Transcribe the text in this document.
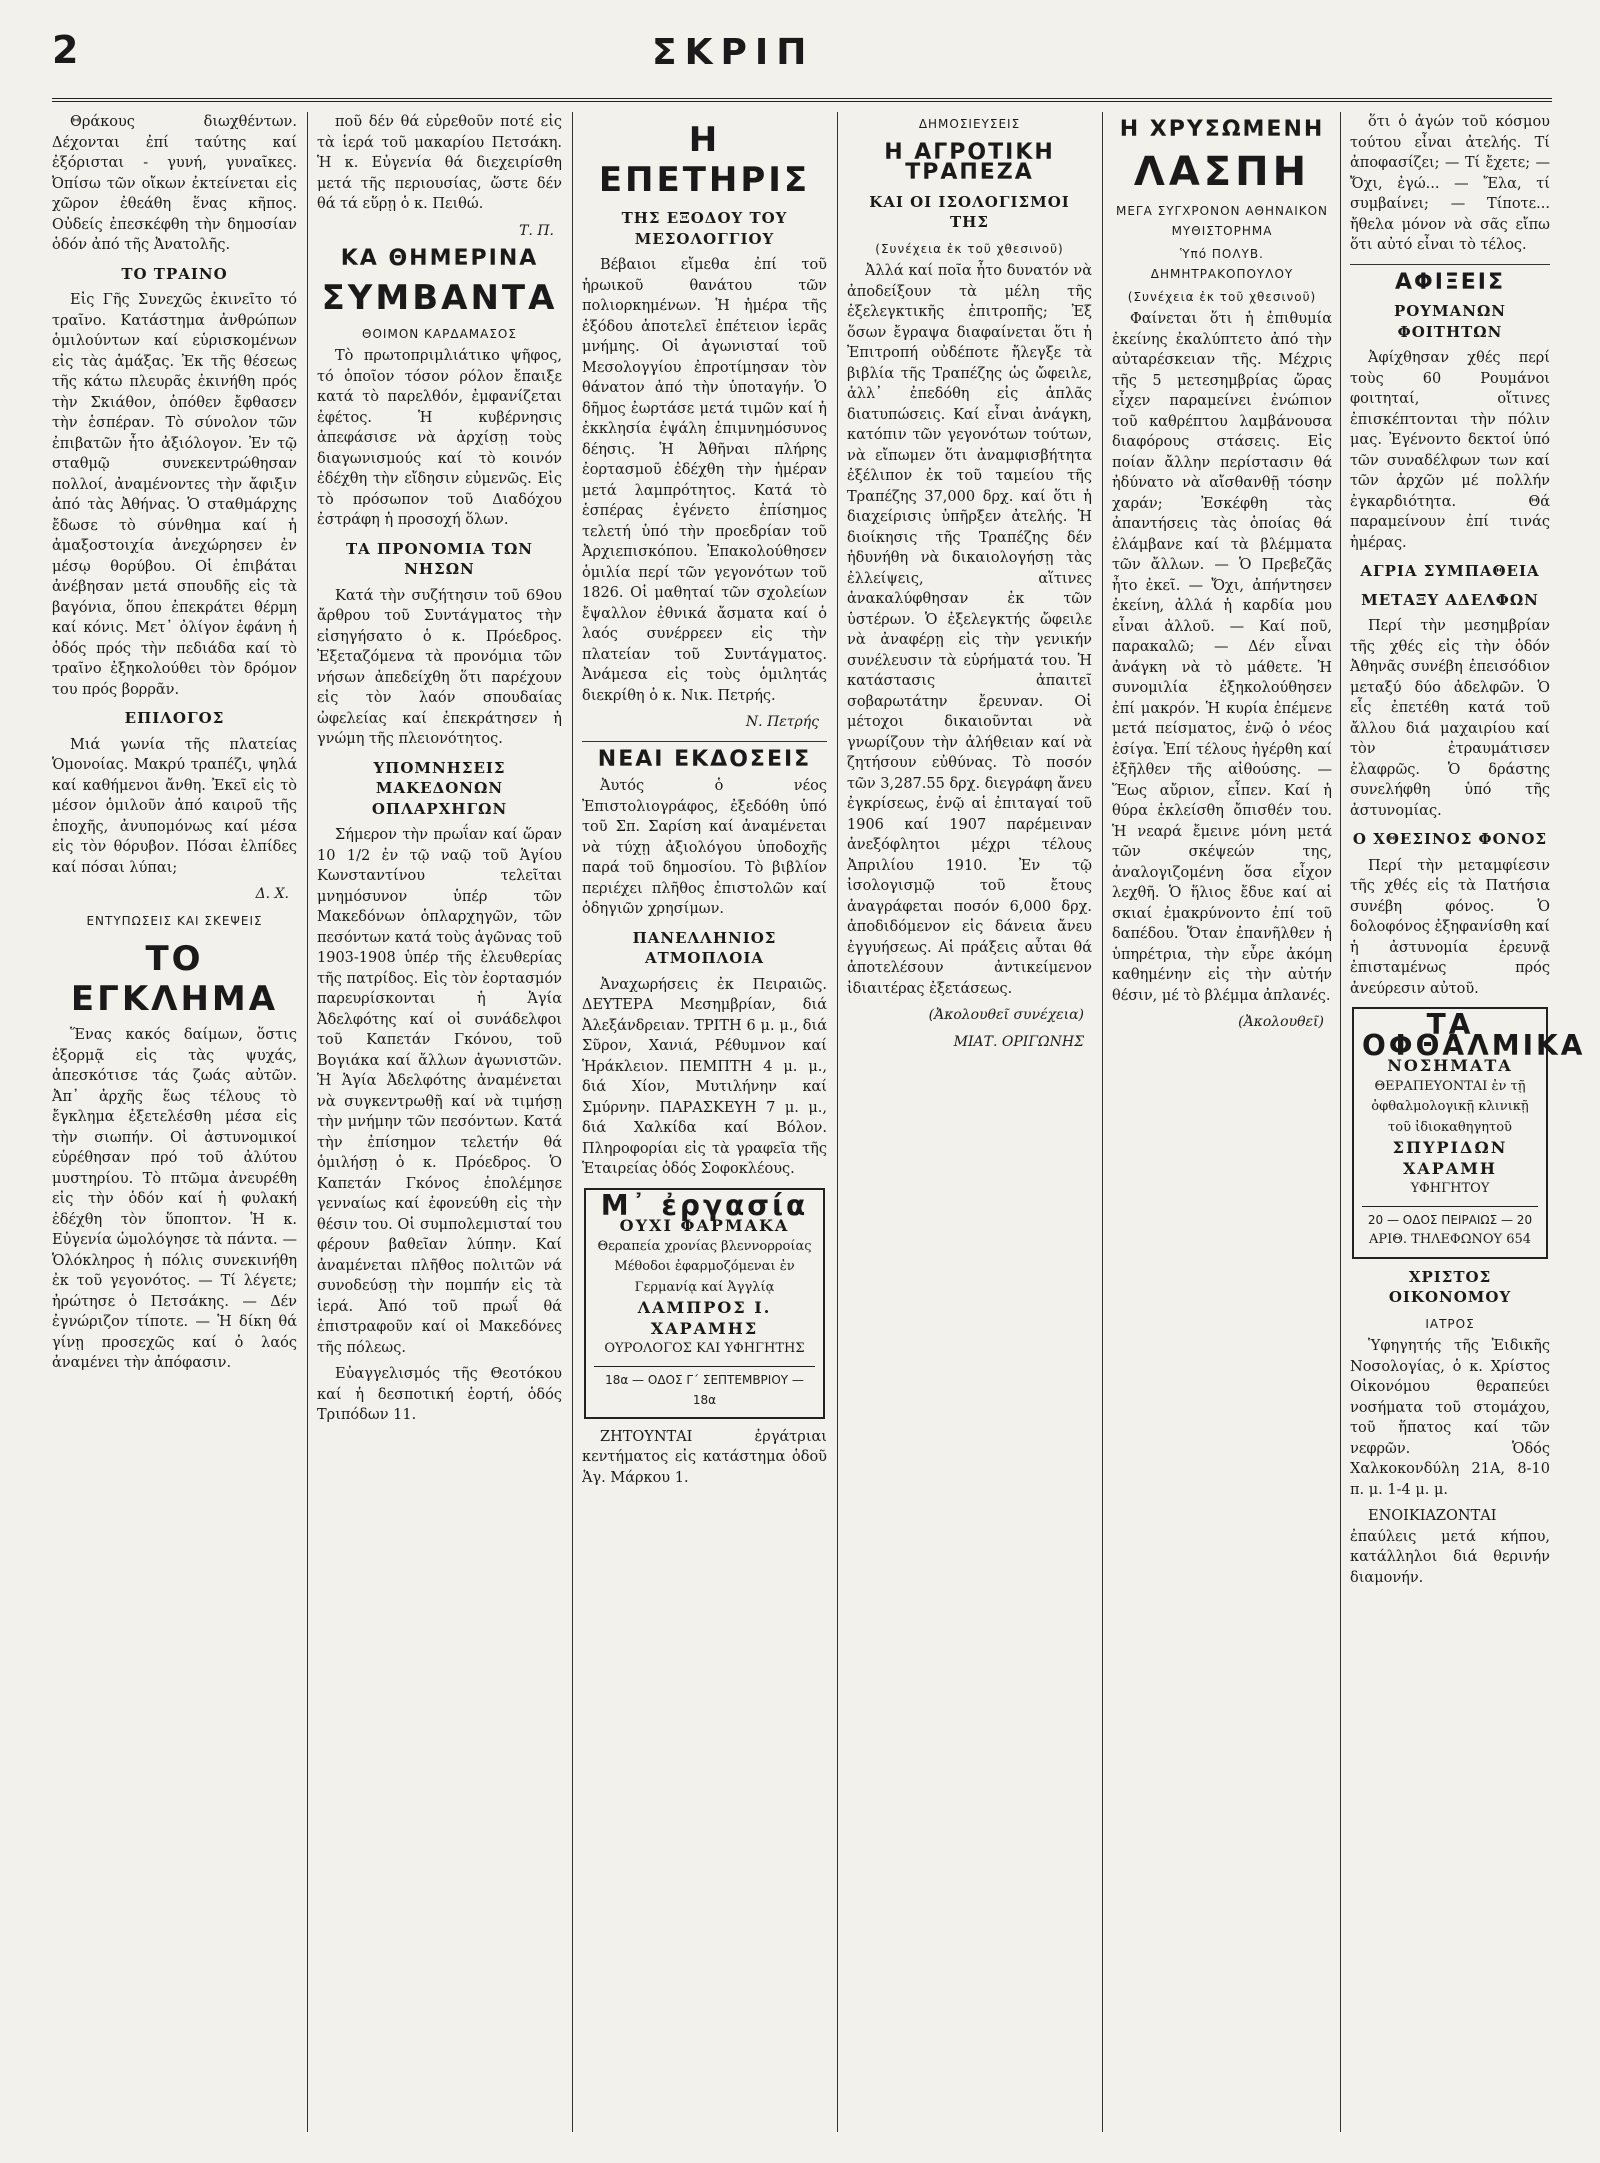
2	ΣΚΡΙΠ

Θράκους διωχθέντων. Δέχονται ἐπί ταύτης καί ἐξόρισται - γυνή, γυναῖκες. Ὀπίσω τῶν οἴκων ἐκτείνεται εἰς χῶρον ἐθεάθη ἕνας κῆπος. Οὐδείς ἐπεσκέφθη τὴν δημοσίαν ὁδόν ἀπό τῆς Ἀνατολῆς.

ΤΟ ΤΡΑΙΝΟ

Εἰς Γῆς Συνεχῶς ἐκινεῖτο τό τραῖνο. Κατάστημα ἀνθρώπων ὁμιλούντων καί εὑρισκομένων εἰς τὰς ἁμάξας. Ἐκ τῆς θέσεως τῆς κάτω πλευρᾶς ἐκινήθη πρός τὴν Σκιάθον, ὁπόθεν ἔφθασεν τὴν ἑσπέραν. Τὸ σύνολον τῶν ἐπιβατῶν ἦτο ἀξιόλογον. Ἐν τῷ σταθμῷ συνεκεντρώθησαν πολλοί, ἀναμένοντες τὴν ἄφιξιν ἀπό τὰς Ἀθήνας. Ὁ σταθμάρχης ἔδωσε τὸ σύνθημα καί ἡ ἁμαξοστοιχία ἀνεχώρησεν ἐν μέσῳ θορύβου. Οἱ ἐπιβάται ἀνέβησαν μετά σπουδῆς εἰς τὰ βαγόνια, ὅπου ἐπεκράτει θέρμη καί κόνις. Μετ᾽ ὀλίγον ἐφάνη ἡ ὁδός πρός τὴν πεδιάδα καί τὸ τραῖνο ἐξηκολούθει τὸν δρόμον του πρός βορρᾶν.

ΕΠΙΛΟΓΟΣ

Μιά γωνία τῆς πλατείας Ὁμονοίας. Μακρύ τραπέζι, ψηλά καί καθήμενοι ἄνθη. Ἐκεῖ εἰς τὸ μέσον ὁμιλοῦν ἀπό καιροῦ τῆς ἐποχῆς, ἀνυπομόνως καί μέσα εἰς τὸν θόρυβον. Πόσαι ἐλπίδες καί πόσαι λύπαι;

Δ. Χ.
ΕΝΤΥΠΩΣΕΙΣ ΚΑΙ ΣΚΕΨΕΙΣ
ΤΟ ΕΓΚΛΗΜΑ

Ἕνας κακός δαίμων, ὅστις ἐξορμᾷ εἰς τὰς ψυχάς, ἀπεσκότισε τάς ζωάς αὐτῶν. Ἀπ᾽ ἀρχῆς ἕως τέλους τὸ ἔγκλημα ἐξετελέσθη μέσα εἰς τὴν σιωπήν. Οἱ ἀστυνομικοί εὑρέθησαν πρό τοῦ ἀλύτου μυστηρίου. Τὸ πτῶμα ἀνευρέθη εἰς τὴν ὁδόν καί ἡ φυλακή ἐδέχθη τὸν ὕποπτον. Ἡ κ. Εὐγενία ὡμολόγησε τὰ πάντα. — Ὁλόκληρος ἡ πόλις συνεκινήθη ἐκ τοῦ γεγονότος. — Τί λέγετε; ἠρώτησε ὁ Πετσάκης. — Δέν ἐγνώριζον τίποτε. — Ἡ δίκη θά γίνῃ προσεχῶς καί ὁ λαός ἀναμένει τὴν ἀπόφασιν.

ποῦ δέν θά εὑρεθοῦν ποτέ εἰς τὰ ἱερά τοῦ μακαρίου Πετσάκη. Ἡ κ. Εὐγενία θά διεχειρίσθη μετά τῆς περιουσίας, ὥστε δέν θά τά εὕρῃ ὁ κ. Πειθώ.

Τ. Π.
ΚΑ ΘΗΜΕΡΙΝΑ
ΣΥΜΒΑΝΤΑ
ΘΟΙΜΟΝ ΚΑΡΔΑΜΑΣΟΣ

Τὸ πρωτοπριμλιάτικο ψῆφος, τό ὁποῖον τόσον ρόλον ἔπαιξε κατά τὸ παρελθόν, ἐμφανίζεται ἐφέτος. Ἡ κυβέρνησις ἀπεφάσισε νὰ ἀρχίσῃ τοὺς διαγωνισμούς καί τὸ κοινόν ἐδέχθη τὴν εἴδησιν εὐμενῶς. Εἰς τὸ πρόσωπον τοῦ Διαδόχου ἐστράφη ἡ προσοχή ὅλων.

ΤΑ ΠΡΟΝΟΜΙΑ ΤΩΝ ΝΗΣΩΝ

Κατά τὴν συζήτησιν τοῦ 69ου ἄρθρου τοῦ Συντάγματος τὴν εἰσηγήσατο ὁ κ. Πρόεδρος. Ἐξεταζόμενα τὰ προνόμια τῶν νήσων ἀπεδείχθη ὅτι παρέχουν εἰς τὸν λαόν σπουδαίας ὠφελείας καί ἐπεκράτησεν ἡ γνώμη τῆς πλειονότητος.

ΥΠΟΜΝΗΣΕΙΣ ΜΑΚΕΔΟΝΩΝ ΟΠΛΑΡΧΗΓΩΝ

Σήμερον τὴν πρωΐαν καί ὥραν 10 1/2 ἐν τῷ ναῷ τοῦ Ἁγίου Κωνσταντίνου τελεῖται μνημόσυνον ὑπέρ τῶν Μακεδόνων ὁπλαρχηγῶν, τῶν πεσόντων κατά τοὺς ἀγῶνας τοῦ 1903-1908 ὑπέρ τῆς ἐλευθερίας τῆς πατρίδος. Εἰς τὸν ἐορτασμόν παρευρίσκονται ἡ Ἁγία Ἀδελφότης καί οἱ συνάδελφοι τοῦ Καπετάν Γκόνου, τοῦ Βογιάκα καί ἄλλων ἀγωνιστῶν. Ἡ Ἁγία Ἀδελφότης ἀναμένεται νὰ συγκεντρωθῇ καί νὰ τιμήσῃ τὴν μνήμην τῶν πεσόντων. Κατά τὴν ἐπίσημον τελετήν θά ὁμιλήσῃ ὁ κ. Πρόεδρος. Ὁ Καπετάν Γκόνος ἐπολέμησε γενναίως καί ἐφονεύθη εἰς τὴν θέσιν του. Οἱ συμπολεμισταί του φέρουν βαθεῖαν λύπην. Καί ἀναμένεται πλῆθος πολιτῶν νά συνοδεύσῃ τὴν πομπήν εἰς τὰ ἱερά. Ἀπό τοῦ πρωΐ θά ἐπιστραφοῦν καί οἱ Μακεδόνες τῆς πόλεως.

Εὐαγγελισμός τῆς Θεοτόκου καί ἡ δεσποτική ἑορτή, ὁδός Τριπόδων 11.

Η ΕΠΕΤΗΡΙΣ
ΤΗΣ ΕΞΟΔΟΥ ΤΟΥ ΜΕΣΟΛΟΓΓΙΟΥ

Βέβαιοι εἴμεθα ἐπί τοῦ ἡρωικοῦ θανάτου τῶν πολιορκημένων. Ἡ ἡμέρα τῆς ἐξόδου ἀποτελεῖ ἐπέτειον ἱερᾶς μνήμης. Οἱ ἀγωνισταί τοῦ Μεσολογγίου ἐπροτίμησαν τὸν θάνατον ἀπό τὴν ὑποταγήν. Ὁ δῆμος ἐωρτάσε μετά τιμῶν καί ἡ ἐκκλησία ἐψάλη ἐπιμνημόσυνος δέησις. Ἡ Ἀθῆναι πλήρης ἐορτασμοῦ ἐδέχθη τὴν ἡμέραν μετά λαμπρότητος. Κατά τὸ ἑσπέρας ἐγένετο ἐπίσημος τελετή ὑπό τὴν προεδρίαν τοῦ Ἀρχιεπισκόπου. Ἐπακολούθησεν ὁμιλία περί τῶν γεγονότων τοῦ 1826. Οἱ μαθηταί τῶν σχολείων ἔψαλλον ἐθνικά ἄσματα καί ὁ λαός συνέρρεεν εἰς τὴν πλατείαν τοῦ Συντάγματος. Ἀνάμεσα εἰς τοὺς ὁμιλητάς διεκρίθη ὁ κ. Νικ. Πετρής.

Ν. Πετρής
ΝΕΑΙ ΕΚΔΟΣΕΙΣ

Ἀυτός ὁ νέος Ἐπιστολιογράφος, ἐξεδόθη ὑπό τοῦ Σπ. Σαρίση καί ἀναμένεται νὰ τύχῃ ἀξιολόγου ὑποδοχῆς παρά τοῦ δημοσίου. Τὸ βιβλίον περιέχει πλῆθος ἐπιστολῶν καί ὁδηγιῶν χρησίμων.

ΠΑΝΕΛΛΗΝΙΟΣ ΑΤΜΟΠΛΟΙΑ

Ἀναχωρήσεις ἐκ Πειραιῶς. ΔΕΥΤΕΡΑ Μεσημβρίαν, διά Ἀλεξάνδρειαν. ΤΡΙΤΗ 6 μ. μ., διά Σῦρον, Χανιά, Ρέθυμνον καί Ἡράκλειον. ΠΕΜΠΤΗ 4 μ. μ., διά Χίον, Μυτιλήνην καί Σμύρνην. ΠΑΡΑΣΚΕΥΗ 7 μ. μ., διά Χαλκίδα καί Βόλον. Πληροφορίαι εἰς τὰ γραφεῖα τῆς Ἑταιρείας ὁδός Σοφοκλέους.

Μ᾽ ἐργασία
ΟΥΧΙ ΦΑΡΜΑΚΑ
Θεραπεία χρονίας βλεννορροίας
Μέθοδοι ἐφαρμοζόμεναι ἐν Γερμανίᾳ καί Ἀγγλίᾳ
ΛΑΜΠΡΟΣ Ι. ΧΑΡΑΜΗΣ
ΟΥΡΟΛΟΓΟΣ ΚΑΙ ΥΦΗΓΗΤΗΣ
18α — ΟΔΟΣ Γ΄ ΣΕΠΤΕΜΒΡΙΟΥ — 18α

ΖΗΤΟΥΝΤΑΙ ἐργάτριαι κεντήματος εἰς κατάστημα ὁδοῦ Ἁγ. Μάρκου 1.

ΔΗΜΟΣΙΕΥΣΕΙΣ
Η ΑΓΡΟΤΙΚΗ ΤΡΑΠΕΖΑ
ΚΑΙ ΟΙ ΙΣΟΛΟΓΙΣΜΟΙ ΤΗΣ
(Συνέχεια ἐκ τοῦ χθεσινοῦ)

Ἀλλά καί ποῖα ἦτο δυνατόν νὰ ἀποδείξουν τὰ μέλη τῆς ἐξελεγκτικῆς ἐπιτροπῆς; Ἐξ ὅσων ἔγραψα διαφαίνεται ὅτι ἡ Ἐπιτροπή οὐδέποτε ἤλεγξε τὰ βιβλία τῆς Τραπέζης ὡς ὤφειλε, ἀλλ᾽ ἐπεδόθη εἰς ἁπλᾶς διατυπώσεις. Καί εἶναι ἀνάγκη, κατόπιν τῶν γεγονότων τούτων, νὰ εἴπωμεν ὅτι ἀναμφισβήτητα ἐξέλιπον ἐκ τοῦ ταμείου τῆς Τραπέζης 37,000 δρχ. καί ὅτι ἡ διαχείρισις ὑπῆρξεν ἀτελής. Ἡ διοίκησις τῆς Τραπέζης δέν ἠδυνήθη νὰ δικαιολογήσῃ τὰς ἐλλείψεις, αἵτινες ἀνακαλύφθησαν ἐκ τῶν ὑστέρων. Ὁ ἐξελεγκτής ὤφειλε νὰ ἀναφέρῃ εἰς τὴν γενικήν συνέλευσιν τὰ εὑρήματά του. Ἡ κατάστασις ἀπαιτεῖ σοβαρωτάτην ἔρευναν. Οἱ μέτοχοι δικαιοῦνται νὰ γνωρίζουν τὴν ἀλήθειαν καί νὰ ζητήσουν εὐθύνας. Τὸ ποσόν τῶν 3,287.55 δρχ. διεγράφη ἄνευ ἐγκρίσεως, ἐνῷ αἱ ἐπιταγαί τοῦ 1906 καί 1907 παρέμειναν ἀνεξόφλητοι μέχρι τέλους Ἀπριλίου 1910. Ἐν τῷ ἰσολογισμῷ τοῦ ἔτους ἀναγράφεται ποσόν 6,000 δρχ. ἀποδιδόμενον εἰς δάνεια ἄνευ ἐγγυήσεως. Αἱ πράξεις αὗται θά ἀποτελέσουν ἀντικείμενον ἰδιαιτέρας ἐξετάσεως.

(Ἀκολουθεῖ συνέχεια)
ΜΙΑΤ. ΟΡΙΓΩΝΗΣ
Η ΧΡΥΣΩΜΕΝΗ
ΛΑΣΠΗ
ΜΕΓΑ ΣΥΓΧΡΟΝΟΝ ΑΘΗΝΑΙΚΟΝ ΜΥΘΙΣΤΟΡΗΜΑ
Ὑπό ΠΟΛΥΒ. ΔΗΜΗΤΡΑΚΟΠΟΥΛΟΥ
(Συνέχεια ἐκ τοῦ χθεσινοῦ)

Φαίνεται ὅτι ἡ ἐπιθυμία ἐκείνης ἐκαλύπτετο ἀπό τὴν αὐταρέσκειαν τῆς. Μέχρις τῆς 5 μετεσημβρίας ὥρας εἶχεν παραμείνει ἐνώπιον τοῦ καθρέπτου λαμβάνουσα διαφόρους στάσεις. Εἰς ποίαν ἄλλην περίστασιν θά ἠδύνατο νὰ αἴσθανθῇ τόσην χαράν; Ἐσκέφθη τὰς ἀπαντήσεις τὰς ὁποίας θά ἐλάμβανε καί τὰ βλέμματα τῶν ἄλλων. — Ὁ Πρεβεζᾶς ἦτο ἐκεῖ. — Ὄχι, ἀπήντησεν ἐκείνη, ἀλλά ἡ καρδία μου εἶναι ἀλλοῦ. — Καί ποῦ, παρακαλῶ; — Δέν εἶναι ἀνάγκη νὰ τὸ μάθετε. Ἡ συνομιλία ἐξηκολούθησεν ἐπί μακρόν. Ἡ κυρία ἐπέμενε μετά πείσματος, ἐνῷ ὁ νέος ἐσίγα. Ἐπί τέλους ἠγέρθη καί ἐξῆλθεν τῆς αἰθούσης. — Ἕως αὔριον, εἶπεν. Καί ἡ θύρα ἐκλείσθη ὄπισθέν του. Ἡ νεαρά ἔμεινε μόνη μετά τῶν σκέψεών της, ἀναλογιζομένη ὅσα εἶχον λεχθῆ. Ὁ ἥλιος ἔδυε καί αἱ σκιαί ἐμακρύνοντο ἐπί τοῦ δαπέδου. Ὅταν ἐπανῆλθεν ἡ ὑπηρέτρια, τὴν εὗρε ἀκόμη καθημένην εἰς τὴν αὐτήν θέσιν, μέ τὸ βλέμμα ἀπλανές.

(Ἀκολουθεῖ)

ὅτι ὁ ἀγών τοῦ κόσμου τούτου εἶναι ἀτελής. Τί ἀποφασίζει; — Τί ἔχετε; — Ὄχι, ἐγώ... — Ἔλα, τί συμβαίνει; — Τίποτε... ἤθελα μόνον νὰ σᾶς εἴπω ὅτι αὐτό εἶναι τὸ τέλος.

ΑΦΙΞΕΙΣ
ΡΟΥΜΑΝΩΝ ΦΟΙΤΗΤΩΝ

Ἀφίχθησαν χθές περί τοὺς 60 Ρουμάνοι φοιτηταί, οἵτινες ἐπισκέπτονται τὴν πόλιν μας. Ἐγένοντο δεκτοί ὑπό τῶν συναδέλφων των καί τῶν ἀρχῶν μέ πολλήν ἐγκαρδιότητα. Θά παραμείνουν ἐπί τινάς ἡμέρας.

ΑΓΡΙΑ ΣΥΜΠΑΘΕΙΑ
ΜΕΤΑΞΥ ΑΔΕΛΦΩΝ

Περί τὴν μεσημβρίαν τῆς χθές εἰς τὴν ὁδόν Ἀθηνᾶς συνέβη ἐπεισόδιον μεταξύ δύο ἀδελφῶν. Ὁ εἷς ἐπετέθη κατά τοῦ ἄλλου διά μαχαιρίου καί τὸν ἐτραυμάτισεν ἐλαφρῶς. Ὁ δράστης συνελήφθη ὑπό τῆς ἀστυνομίας.

Ο ΧΘΕΣΙΝΟΣ ΦΟΝΟΣ

Περί τὴν μεταμφίεσιν τῆς χθές εἰς τὰ Πατήσια συνέβη φόνος. Ὁ δολοφόνος ἐξηφανίσθη καί ἡ ἀστυνομία ἐρευνᾷ ἐπισταμένως πρός ἀνεύρεσιν αὐτοῦ.

ΤΑ ΟΦΘΑΛΜΙΚΑ
ΝΟΣΗΜΑΤΑ
ΘΕΡΑΠΕΥΟΝΤΑΙ ἐν τῇ ὀφθαλμολογικῇ κλινικῇ τοῦ ἰδιοκαθηγητοῦ
ΣΠΥΡΙΔΩΝ ΧΑΡΑΜΗ
ΥΦΗΓΗΤΟΥ
20 — ΟΔΟΣ ΠΕΙΡΑΙΩΣ — 20
ΑΡΙΘ. ΤΗΛΕΦΩΝΟΥ 654
ΧΡΙΣΤΟΣ ΟΙΚΟΝΟΜΟΥ
ΙΑΤΡΟΣ

Ὑφηγητής τῆς Ἐιδικῆς Νοσολογίας, ὁ κ. Χρίστος Οἰκονόμου θεραπεύει νοσήματα τοῦ στομάχου, τοῦ ἥπατος καί τῶν νεφρῶν. Ὁδός Χαλκοκονδύλη 21Α, 8-10 π. μ. 1-4 μ. μ.

ΕΝΟΙΚΙΑΖΟΝΤΑΙ ἐπαύλεις μετά κήπου, κατάλληλοι διά θερινήν διαμονήν.
